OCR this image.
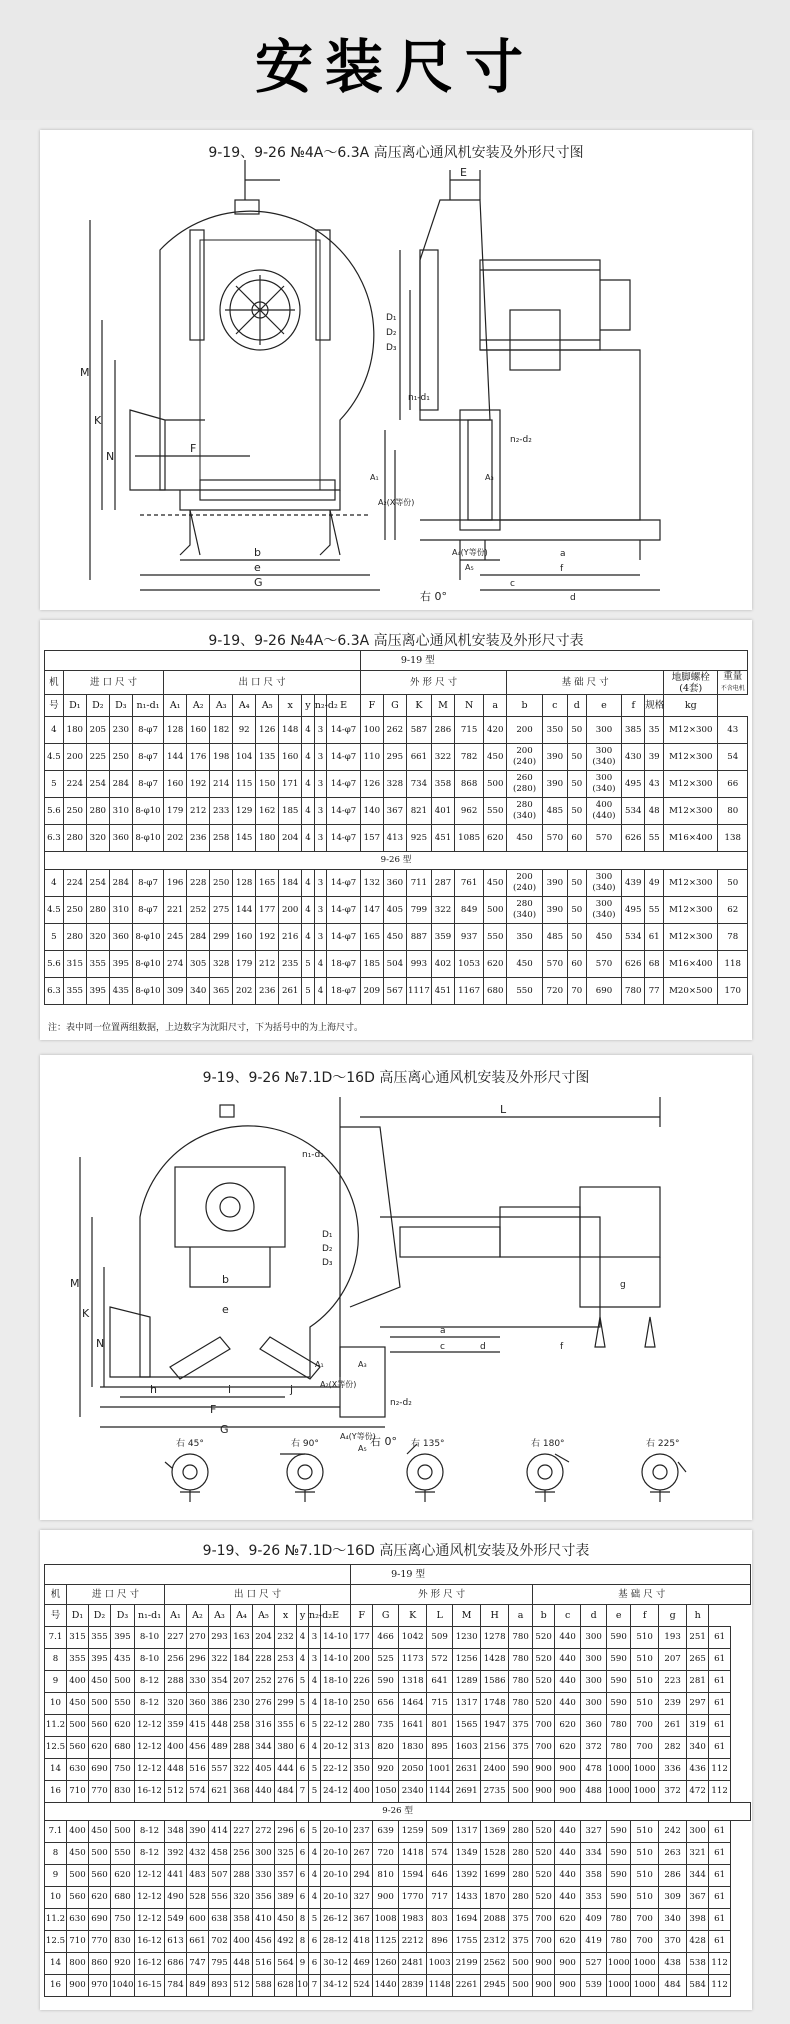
安装尺寸
9-19、9-26 №4A～6.3A 高压离心通风机安装及外形尺寸图
M
K
N
F
b
e
G
E
D₁
D₂
D₃
n₁-d₁
n₂-d₂
A₁
A₂(X等份)
A₃
A₄(Y等份)
A₅
a
f
c
d
右 0°
9-19、9-26 №4A～6.3A 高压离心通风机安装及外形尺寸表
														9-19 型													
机	进 口 尺 寸				出 口 尺 寸									外 形 尺 寸						基 础 尺 寸						地脚螺栓
(4套)	重量
不含电机
号	D₁	D₂	D₃	n₁-d₁	A₁	A₂	A₃	A₄	A₅	x	y	n₂-d₂	E	F	G	K	M	N	a	b	c	d	e	f	规格	kg	
4	180	205	230	8-φ7	128	160	182	92	126	148	4	3	14-φ7	100	262	587	286	715	420	200	350	50	300	385	35	M12×300	43
4.5	200	225	250	8-φ7	144	176	198	104	135	160	4	3	14-φ7	110	295	661	322	782	450	200 (240)	390	50	300 (340)	430	39	M12×300	54
5	224	254	284	8-φ7	160	192	214	115	150	171	4	3	14-φ7	126	328	734	358	868	500	260 (280)	390	50	300 (340)	495	43	M12×300	66
5.6	250	280	310	8-φ10	179	212	233	129	162	185	4	3	14-φ7	140	367	821	401	962	550	280 (340)	485	50	400 (440)	534	48	M12×300	80
6.3	280	320	360	8-φ10	202	236	258	145	180	204	4	3	14-φ7	157	413	925	451	1085	620	450	570	60	570	626	55	M16×400	138
9-26 型																											
4	224	254	284	8-φ7	196	228	250	128	165	184	4	3	14-φ7	132	360	711	287	761	450	200 (240)	390	50	300 (340)	439	49	M12×300	50
4.5	250	280	310	8-φ7	221	252	275	144	177	200	4	3	14-φ7	147	405	799	322	849	500	280 (340)	390	50	300 (340)	495	55	M12×300	62
5	280	320	360	8-φ10	245	284	299	160	192	216	4	3	14-φ7	165	450	887	359	937	550	350	485	50	450	534	61	M12×300	78
5.6	315	355	395	8-φ10	274	305	328	179	212	235	5	4	18-φ7	185	504	993	402	1053	620	450	570	60	570	626	68	M16×400	118
6.3	355	395	435	8-φ10	309	340	365	202	236	261	5	4	18-φ7	209	567	1117	451	1167	680	550	720	70	690	780	77	M20×500	170
注：表中同一位置两组数据，上边数字为沈阳尺寸，下为括号中的为上海尺寸。
9-19、9-26 №7.1D～16D 高压离心通风机安装及外形尺寸图
M
K
N
b
e
h	i	j
F
G
L
D₁
D₂
D₃
n₁-d₁
n₂-d₂
A₁
A₂(X等份)
A₃
A₄(Y等份)
A₅
a
c	d
g
f
右 0°
右 45°	右 90°	右 135°	右 180°	右 225°
9-19、9-26 №7.1D～16D 高压离心通风机安装及外形尺寸表
														9-19 型														
机	进 口 尺 寸				出 口 尺 寸									外 形 尺 寸							基 础 尺 寸							
号	D₁	D₂	D₃	n₁-d₁	A₁	A₂	A₃	A₄	A₅	x	y	n₂-d₂	E	F	G	K	L	M	H	a	b	c	d	e	f	g	h	
7.1	315	355	395	8-10	227	270	293	163	204	232	4	3	14-10	177	466	1042	509	1230	1278	780	520	440	300	590	510	193	251	61
8	355	395	435	8-10	256	296	322	184	228	253	4	3	14-10	200	525	1173	572	1256	1428	780	520	440	300	590	510	207	265	61
9	400	450	500	8-12	288	330	354	207	252	276	5	4	18-10	226	590	1318	641	1289	1586	780	520	440	300	590	510	223	281	61
10	450	500	550	8-12	320	360	386	230	276	299	5	4	18-10	250	656	1464	715	1317	1748	780	520	440	300	590	510	239	297	61
11.2	500	560	620	12-12	359	415	448	258	316	355	6	5	22-12	280	735	1641	801	1565	1947	375	700	620	360	780	700	261	319	61
12.5	560	620	680	12-12	400	456	489	288	344	380	6	4	20-12	313	820	1830	895	1603	2156	375	700	620	372	780	700	282	340	61
14	630	690	750	12-12	448	516	557	322	405	444	6	5	22-12	350	920	2050	1001	2631	2400	590	900	900	478	1000	1000	336	436	112
16	710	770	830	16-12	512	574	621	368	440	484	7	5	24-12	400	1050	2340	1144	2691	2735	500	900	900	488	1000	1000	372	472	112
9-26 型																												
7.1	400	450	500	8-12	348	390	414	227	272	296	6	5	20-10	237	639	1259	509	1317	1369	280	520	440	327	590	510	242	300	61
8	450	500	550	8-12	392	432	458	256	300	325	6	4	20-10	267	720	1418	574	1349	1528	280	520	440	334	590	510	263	321	61
9	500	560	620	12-12	441	483	507	288	330	357	6	4	20-10	294	810	1594	646	1392	1699	280	520	440	358	590	510	286	344	61
10	560	620	680	12-12	490	528	556	320	356	389	6	4	20-10	327	900	1770	717	1433	1870	280	520	440	353	590	510	309	367	61
11.2	630	690	750	12-12	549	600	638	358	410	450	8	5	26-12	367	1008	1983	803	1694	2088	375	700	620	409	780	700	340	398	61
12.5	710	770	830	16-12	613	661	702	400	456	492	8	6	28-12	418	1125	2212	896	1755	2312	375	700	620	419	780	700	370	428	61
14	800	860	920	16-12	686	747	795	448	516	564	9	6	30-12	469	1260	2481	1003	2199	2562	500	900	900	527	1000	1000	438	538	112
16	900	970	1040	16-15	784	849	893	512	588	628	10	7	34-12	524	1440	2839	1148	2261	2945	500	900	900	539	1000	1000	484	584	112
